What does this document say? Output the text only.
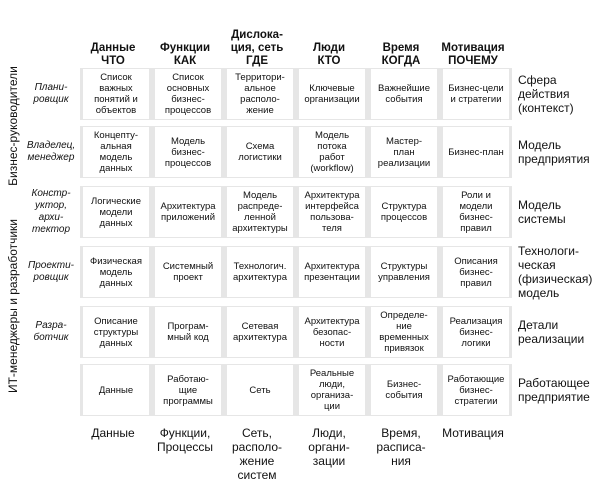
Бизнес-руководители
ИТ-менеджеры и разработчики
Данные
ЧТО
Функции
КАК
Дислока-
ция, сеть
ГДЕ
Люди
КТО
Время
КОГДА
Мотивация
ПОЧЕМУ
Плани-
ровщик
Список
важных
понятий и
объектов
Список
основных
бизнес-
процессов
Территори-
альное
располо-
жение
Ключевые
организации
Важнейшие
события
Бизнес-цели
и стратегии
Сфера
действия
(контекст)
Владелец,
менеджер
Концепту-
альная
модель
данных
Модель
бизнес-
процессов
Схема
логистики
Модель
потока
работ
(workflow)
Мастер-
план
реализации
Бизнес-план	Модель
предприятия
Констр-
уктор,
архи-
тектор
Логические
модели
данных
Архитектура
приложений
Модель
распреде-
ленной
архитектуры
Архитектура
интерфейса
пользова-
теля
Структура
процессов
Роли и
модели
бизнес-
правил
Модель
системы
Проекти-
ровщик
Физическая
модель
данных
Системный
проект
Технологич.
архитектура
Архитектура
презентации
Структуры
управления
Описания
бизнес-
правил
Технологи-
ческая
(физическая)
модель
Разра-
ботчик
Описание
структуры
данных
Програм-
мный код
Сетевая
архитектура
Архитектура
безопас-
ности
Определе-
ние
временных
привязок
Реализация
бизнес-
логики
Детали
реализации
Данные
Работаю-
щие
программы
Сеть
Реальные
люди,
организа-
ции
Бизнес-
события
Работающие
бизнес-
стратегии
Работающее
предприятие
Данные	Функции,
Процессы
Сеть,
располо-
жение
систем
Люди,
органи-
зации
Время,
расписа-
ния
Мотивация
